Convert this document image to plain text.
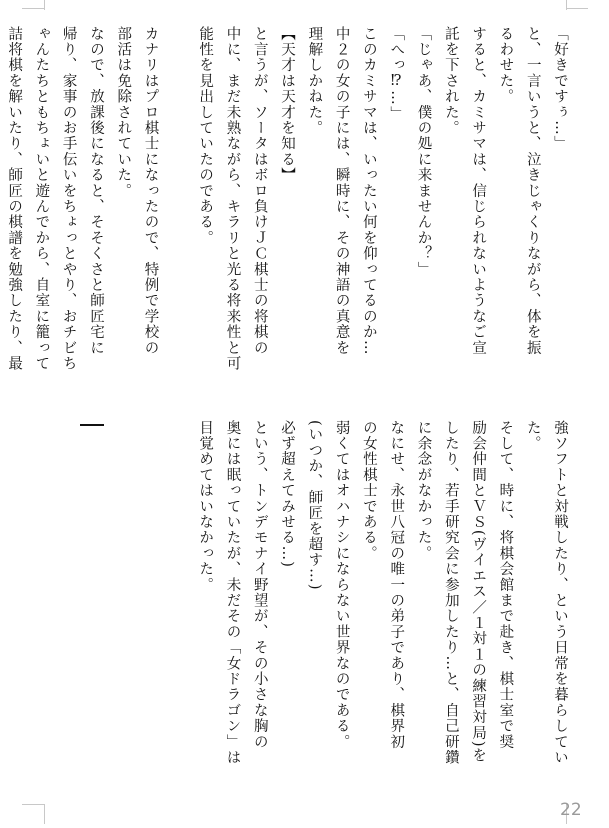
「好きですぅ…」

と、一言いうと、泣きじゃくりながら、体を振

るわせた。

すると、カミサマは、信じられないようなご宣

託を下された。

「じゃあ、僕の処に来ませんか？」

「へっ⁉…」

このカミサマは、いったい何を仰ってるのか…

中２の女の子には、瞬時に、その神語の真意を

理解しかねた。

【天才は天才を知る】

と言うが、ソータはボロ負けＪＣ棋士の将棋の

中に、まだ未熟ながら、キラリと光る将来性と可

能性を見出していたのである。

カナリはプロ棋士になったので、特例で学校の

部活は免除されていた。

なので、放課後になると、そそくさと師匠宅に

帰り、家事のお手伝いをちょっとやり、おチビち

ゃんたちともちょいと遊んでから、自室に籠って

詰将棋を解いたり、師匠の棋譜を勉強したり、最

強ソフトと対戦したり、という日常を暮らしてい

た。

そして、時に、将棋会館まで赴き、棋士室で奨

励会仲間とＶＳ(ヴイエス／１対１の練習対局)を

したり、若手研究会に参加したり…と、自己研鑽

に余念がなかった。

なにせ、永世八冠の唯一の弟子であり、棋界初

の女性棋士である。

弱くてはオハナシにならない世界なのである。

(いつか、師匠を超す…)

必ず超えてみせる…)

という、トンデモナイ野望が、その小さな胸の

奥には眠っていたが、未だその「女ドラゴン」は

目覚めてはいなかった。

22
